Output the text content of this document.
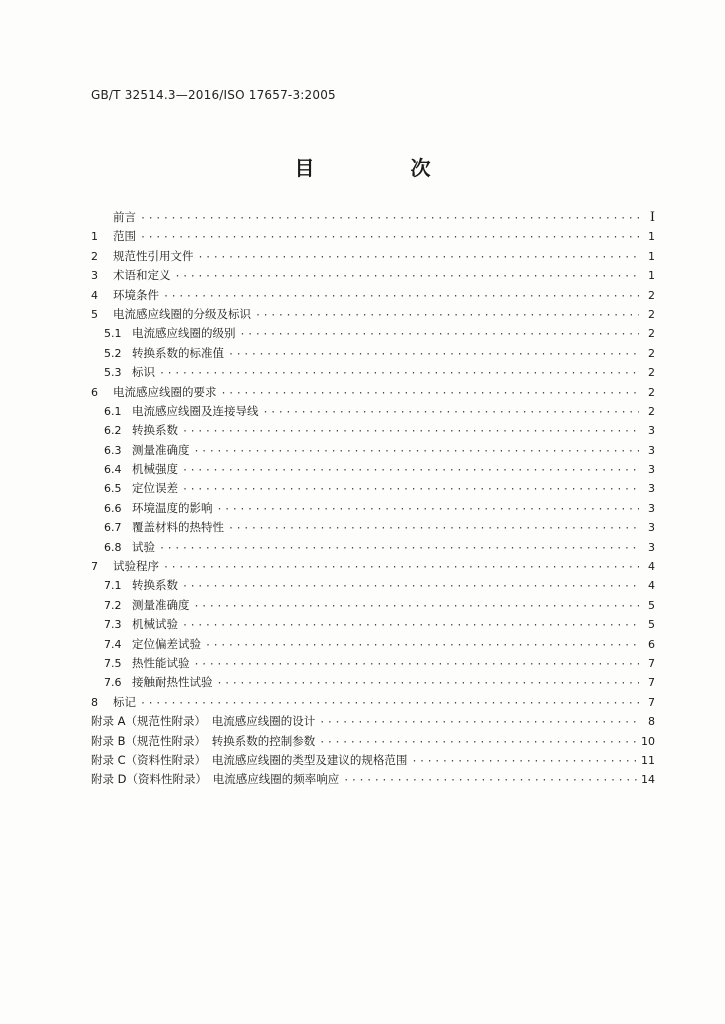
GB/T 32514.3—2016/ISO 17657-3:2005
目　次
前言 ·····	Ⅰ
1	范围 ·····	1
2	规范性引用文件 ·····	1
3	术语和定义 ·····	1
4	环境条件 ·····	2
5	电流感应线圈的分级及标识 ·····	2
5.1 电流感应线圈的级别 ·····	2
5.2 转换系数的标准值 ·····	2
5.3 标识 ·····	2
6	电流感应线圈的要求 ·····	2
6.1 电流感应线圈及连接导线 ·····	2
6.2 转换系数 ·····	3
6.3 测量准确度 ·····	3
6.4 机械强度 ·····	3
6.5 定位误差 ·····	3
6.6 环境温度的影响 ·····	3
6.7 覆盖材料的热特性 ·····	3
6.8 试验 ·····	3
7	试验程序 ·····	4
7.1 转换系数 ·····	4
7.2 测量准确度 ·····	5
7.3 机械试验 ·····	5
7.4 定位偏差试验 ·····	6
7.5 热性能试验 ·····	7
7.6 接触耐热性试验 ·····	7
8	标记 ·····	7
附录 A（规范性附录）　电流感应线圈的设计 ·····	8
附录 B（规范性附录）　转换系数的控制参数 ·····	10
附录 C（资料性附录）　电流感应线圈的类型及建议的规格范围 ·····	11
附录 D（资料性附录）　电流感应线圈的频率响应 ·····	14
